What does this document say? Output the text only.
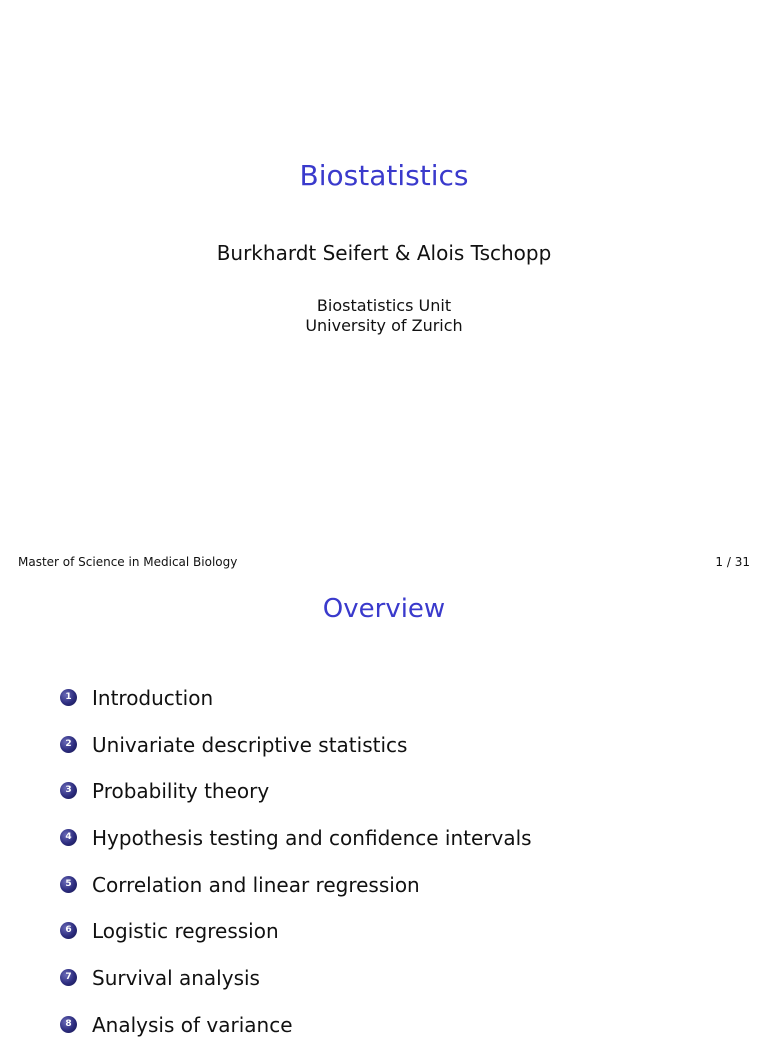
Biostatistics
Burkhardt Seifert & Alois Tschopp
Biostatistics Unit
University of Zurich
Master of Science in Medical Biology	1 / 31
Overview
1 Introduction
2 Univariate descriptive statistics
3 Probability theory
4 Hypothesis testing and confidence intervals
5 Correlation and linear regression
6 Logistic regression
7 Survival analysis
8 Analysis of variance
